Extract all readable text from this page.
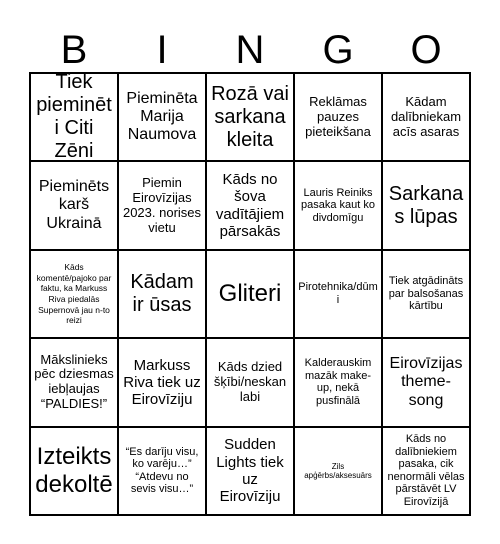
B	I	N	G	O
Tiek pieminēti Citi Zēni
Pieminēta Marija Naumova
Rozā vai sarkana kleita
Reklāmas pauzes pieteikšana
Kādam dalībniekam acīs asaras
Pieminēts karš Ukrainā
Piemin Eirovīzijas 2023. norises vietu
Kāds no šova vadītājiem pārsakās
Lauris Reiniks pasaka kaut ko divdomīgu
Sarkanas lūpas
Kāds komentē/pajoko par faktu, ka Markuss Riva piedalās Supernovā jau n-to reizi
Kādam ir ūsas	Gliteri	Pirotehnika/dūmi
Tiek atgādināts par balsošanas kārtību
Mākslinieks pēc dziesmas iebļaujas “PALDIES!”
Markuss Riva tiek uz Eirovīziju
Kāds dzied šķībi/neskan labi
Kalderauskim mazāk make-up, nekā pusfinālā
Eirovīzijas theme-song
Izteikts dekoltē
“Es darīju visu, ko varēju…” “Atdevu no sevis visu…”
Sudden Lights tiek uz Eirovīziju
Zils apģērbs/aksesuārs
Kāds no dalībniekiem pasaka, cik nenormāli vēlas pārstāvēt LV Eirovīzijā
